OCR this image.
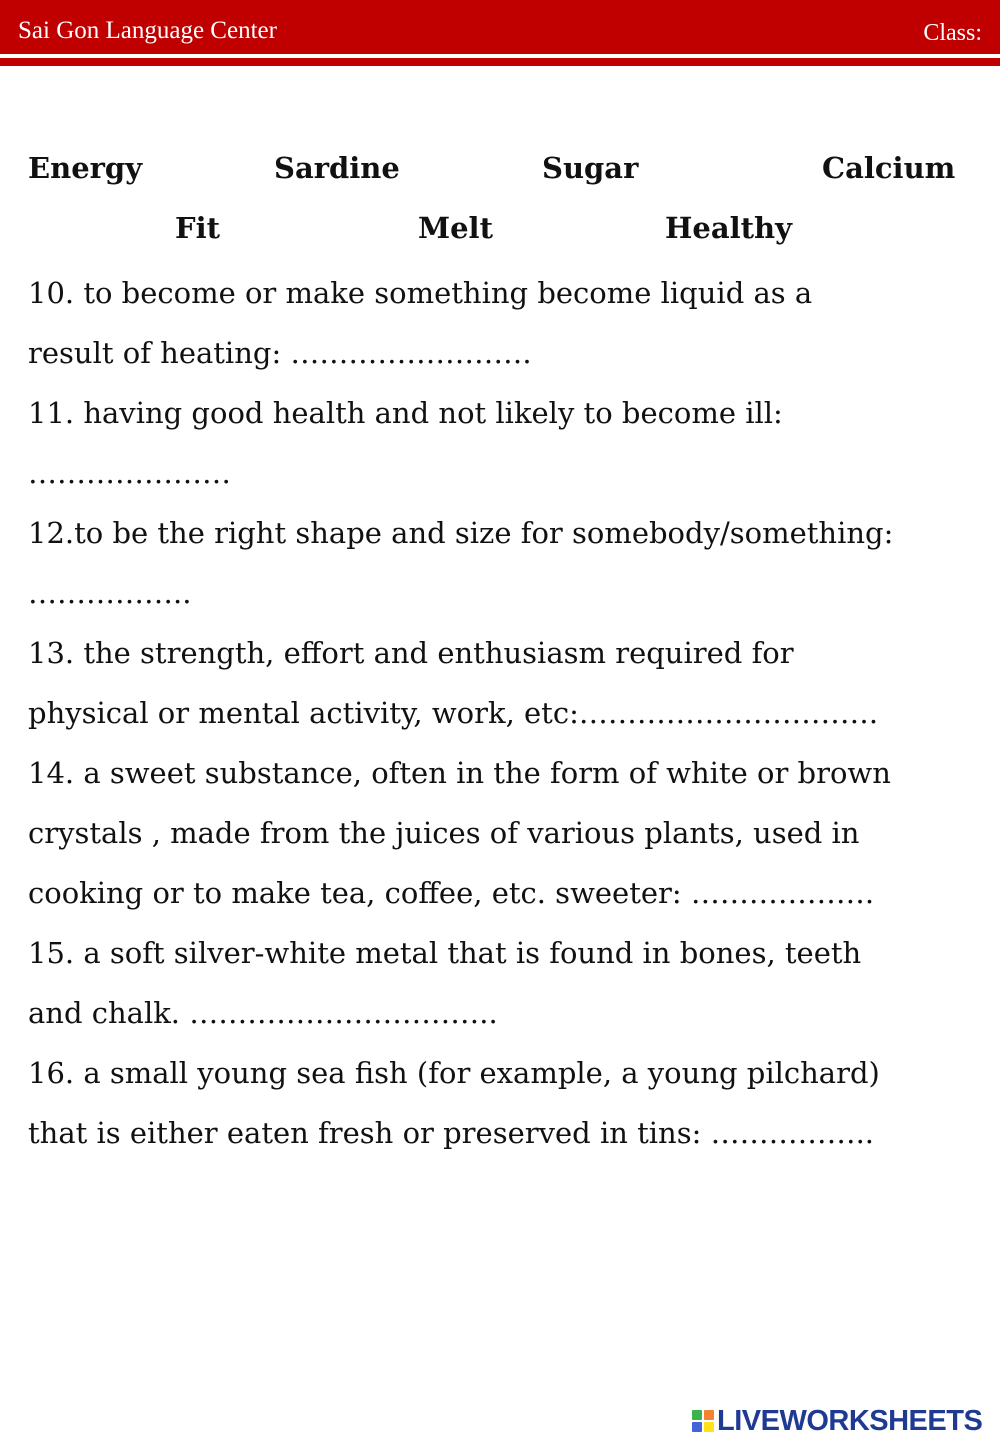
Sai Gon Language Center	Class:
Energy	Sardine	Sugar	Calcium
Fit	Melt	Healthy
10. to become or make something become liquid as a
result of heating: …………………….
11. having good health and not likely to become ill:
…………………
12.to be the right shape and size for somebody/something:
……………..
13. the strength, effort and enthusiasm required for
physical or mental activity, work, etc:………………………….
14. a sweet substance, often in the form of white or brown
crystals , made from the juices of various plants, used in
cooking or to make tea, coffee, etc. sweeter: ……………….
15. a soft silver-white metal that is found in bones, teeth
and chalk. …………………………..
16. a small young sea fish (for example, a young pilchard)
that is either eaten fresh or preserved in tins: ……………..
LIVEWORKSHEETS
